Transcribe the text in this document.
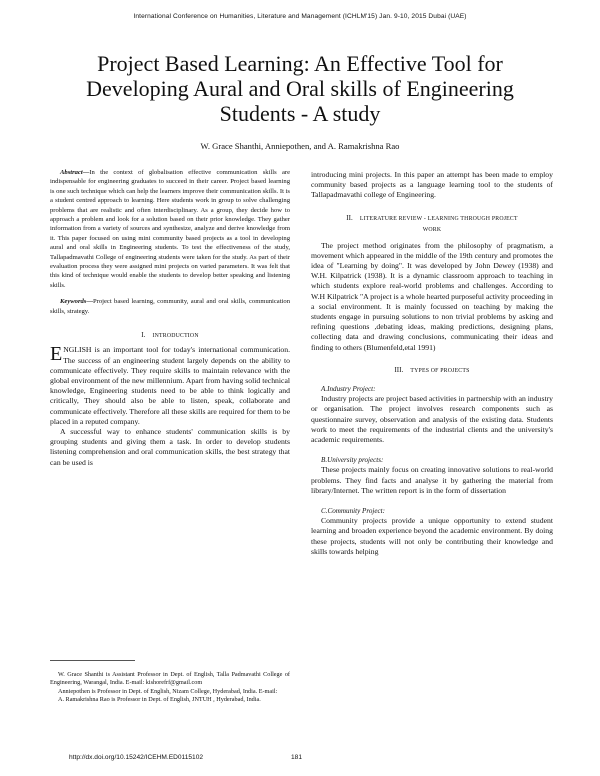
International Conference on Humanities, Literature and Management (ICHLM'15) Jan. 9-10, 2015 Dubai (UAE)
Project Based Learning: An Effective Tool for
Developing Aural and Oral skills of Engineering
Students - A study
W. Grace Shanthi, Anniepothen, and A. Ramakrishna Rao

Abstract—In the context of globalisation effective communication skills are indispensable for engineering graduates to succeed in their career. Project based learning is one such technique which can help the learners improve their communication skills. It is a student centred approach to learning. Here students work in group to solve challenging problems that are realistic and often interdisciplinary. As a group, they decide how to approach a problem and look for a solution based on their prior knowledge. They gather information from a variety of sources and synthesize, analyze and derive knowledge from it. This paper focused on using mini community based projects as a tool in developing aural and oral skills in Engineering students. To test the effectiveness of the study, Tallapadmavathi College of engineering students were taken for the study. As part of their evaluation process they were assigned mini projects on varied parameters. It was felt that this kind of technique would enable the students to develop better speaking and listening skills.

Keywords—Project based learning, community, aural and oral skills, communication skills, strategy.

I. INTRODUCTION

ENGLISH is an important tool for today's international communication. The success of an engineering student largely depends on the ability to communicate effectively. They require skills to maintain relevance with the global environment of the new millennium. Apart from having solid technical knowledge, Engineering students need to be able to think logically and critically, They should also be able to listen, speak, collaborate and communicate effectively. Therefore all these skills are required for them to be placed in a reputed company.

A successful way to enhance students' communication skills is by grouping students and giving them a task. In order to develop students listening comprehension and oral communication skills, the best strategy that can be used is

W. Grace Shanthi is Assistant Professor in Dept. of English, Talla Padmavathi College of Engineering, Warangal, India. E-mail: kishorefrf@gmail.com

Anniepothen is Professor in Dept. of English, Nizam College, Hyderabad, India. E-mail:

A. Ramakrishna Rao is Professor in Dept. of English, JNTUH , Hyderabad, India.

introducing mini projects. In this paper an attempt has been made to employ community based projects as a language learning tool to the students of Tallapadmavathi college of Engineering.

II. LITERATURE REVIEW - LEARNING THROUGH PROJECT
WORK

The project method originates from the philosophy of pragmatism, a movement which appeared in the middle of the 19th century and promotes the idea of "Learning by doing". It was developed by John Dewey (1938) and W.H. Kilpatrick (1938). It is a dynamic classroom approach to teaching in which students explore real-world problems and challenges. According to W.H Kilpatrick "A project is a whole hearted purposeful activity proceeding in a social environment. It is mainly focussed on teaching by making the students engage in pursuing solutions to non trivial problems by asking and refining questions ,debating ideas, making predictions, designing plans, collecting data and drawing conclusions, communicating their ideas and finding to others (Blumenfeld,etal 1991)

III. TYPES OF PROJECTS
A.Industry Project:

Industry projects are project based activities in partnership with an industry or organisation. The project involves research components such as questionnaire survey, observation and analysis of the existing data. Students work to meet the requirements of the industrial clients and the university's academic requirements.

B.University projects:

These projects mainly focus on creating innovative solutions to real-world problems. They find facts and analyse it by gathering the material from library/Internet. The written report is in the form of dissertation

C.Community Project:

Community projects provide a unique opportunity to extend student learning and broaden experience beyond the academic environment. By doing these projects, students will not only be contributing their knowledge and skills towards helping

http://dx.doi.org/10.15242/ICEHM.ED0115102	181
